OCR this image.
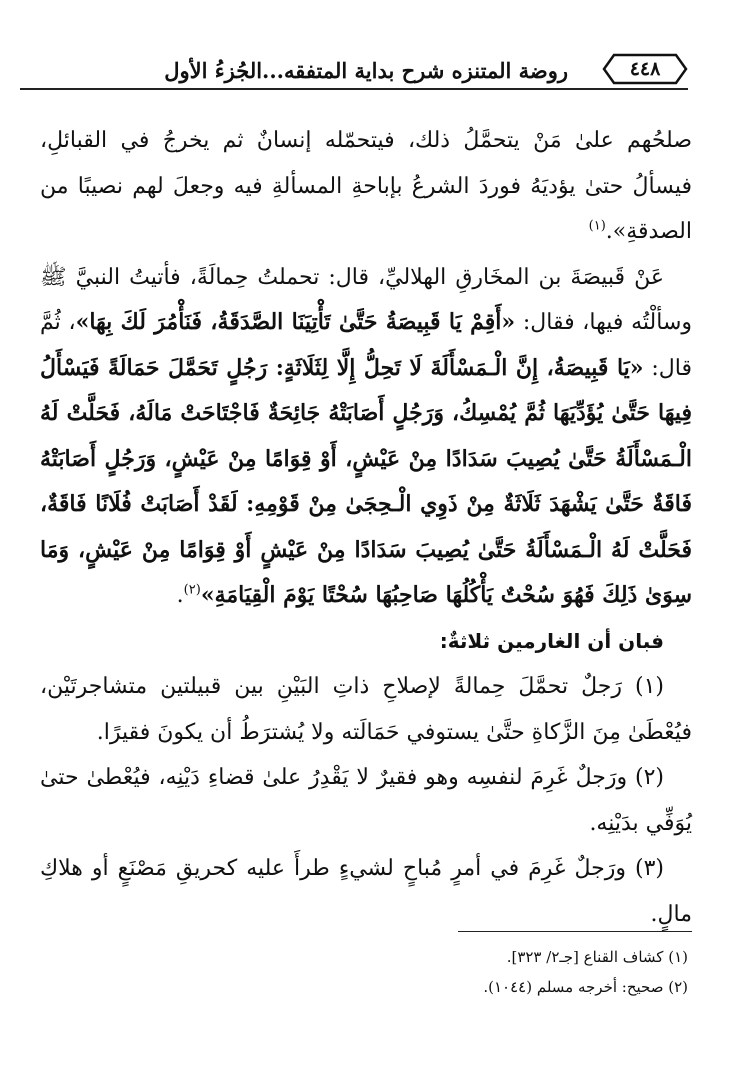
٤٤٨
روضة المتنزه شرح بداية المتفقه...الجُزءُ الأول

صلحُهم علىٰ مَنْ يتحمَّلُ ذلك، فيتحمّله إنسانٌ ثم يخرجُ في القبائلِ، فيسألُ حتىٰ يؤديَهُ فوردَ الشرعُ بإباحةِ المسألةِ فيه وجعلَ لهم نصيبًا من الصدقةِ».$^{(١)}$

عَنْ قَبيصَةَ بن المخَارقِ الهلاليِّ، قال: تحملتُ حِمالَةً، فأتيتُ النبيَّ ﷺ وسألْتُه فيها، فقال: «أَقِمْ يَا قَبِيصَةُ حَتَّىٰ تَأْتِيَنَا الصَّدَقَةُ، فَنَأْمُرَ لَكَ بِهَا»، ثُمَّ قال: «يَا قَبِيصَةُ، إِنَّ الْـمَسْأَلَةَ لَا تَحِلُّ إِلَّا لِثَلَاثَةٍ: رَجُلٍ تَحَمَّلَ حَمَالَةً فَيَسْأَلُ فِيهَا حَتَّىٰ يُؤَدِّيَهَا ثُمَّ يُمْسِكُ، وَرَجُلٍ أَصَابَتْهُ جَائِحَةٌ فَاجْتَاحَتْ مَالَهُ، فَحَلَّتْ لَهُ الْـمَسْأَلَةُ حَتَّىٰ يُصِيبَ سَدَادًا مِنْ عَيْشٍ، أَوْ قِوَامًا مِنْ عَيْشٍ، وَرَجُلٍ أَصَابَتْهُ فَاقَةٌ حَتَّىٰ يَشْهَدَ ثَلَاثَةٌ مِنْ ذَوِي الْـحِجَىٰ مِنْ قَوْمِهِ: لَقَدْ أَصَابَتْ فُلَانًا فَاقَةٌ، فَحَلَّتْ لَهُ الْـمَسْأَلَةُ حَتَّىٰ يُصِيبَ سَدَادًا مِنْ عَيْشٍ أَوْ قِوَامًا مِنْ عَيْشٍ، وَمَا سِوَىٰ ذَلِكَ فَهُوَ سُحْتٌ يَأْكُلُهَا صَاحِبُهَا سُحْتًا يَوْمَ الْقِيَامَةِ»$^{(٢)}$.

فبان أن الغارمين ثلاثةٌ:

(١) رَجلٌ تحمَّلَ حِمالةً لإصلاحِ ذاتِ البَيْنِ بين قبيلتين متشاجرتَيْن، فيُعْطَىٰ مِنَ الزَّكاةِ حتَّىٰ يستوفي حَمَالَته ولا يُشترَطُ أن يكونَ فقيرًا.

(٢) ورَجلٌ غَرِمَ لنفسِه وهو فقيرٌ لا يَقْدِرُ علىٰ قضاءِ دَيْنِه، فيُعْطىٰ حتىٰ يُوَفِّي بدَيْنِه.

(٣) ورَجلٌ غَرِمَ في أمرٍ مُباحٍ لشيءٍ طرأَ عليه كحريقِ مَصْنَعٍ أو هلاكِ مالٍ.

(١) كشاف القناع [جـ٢/ ٣٢٣].

(٢) صحيح: أخرجه مسلم (١٠٤٤).
